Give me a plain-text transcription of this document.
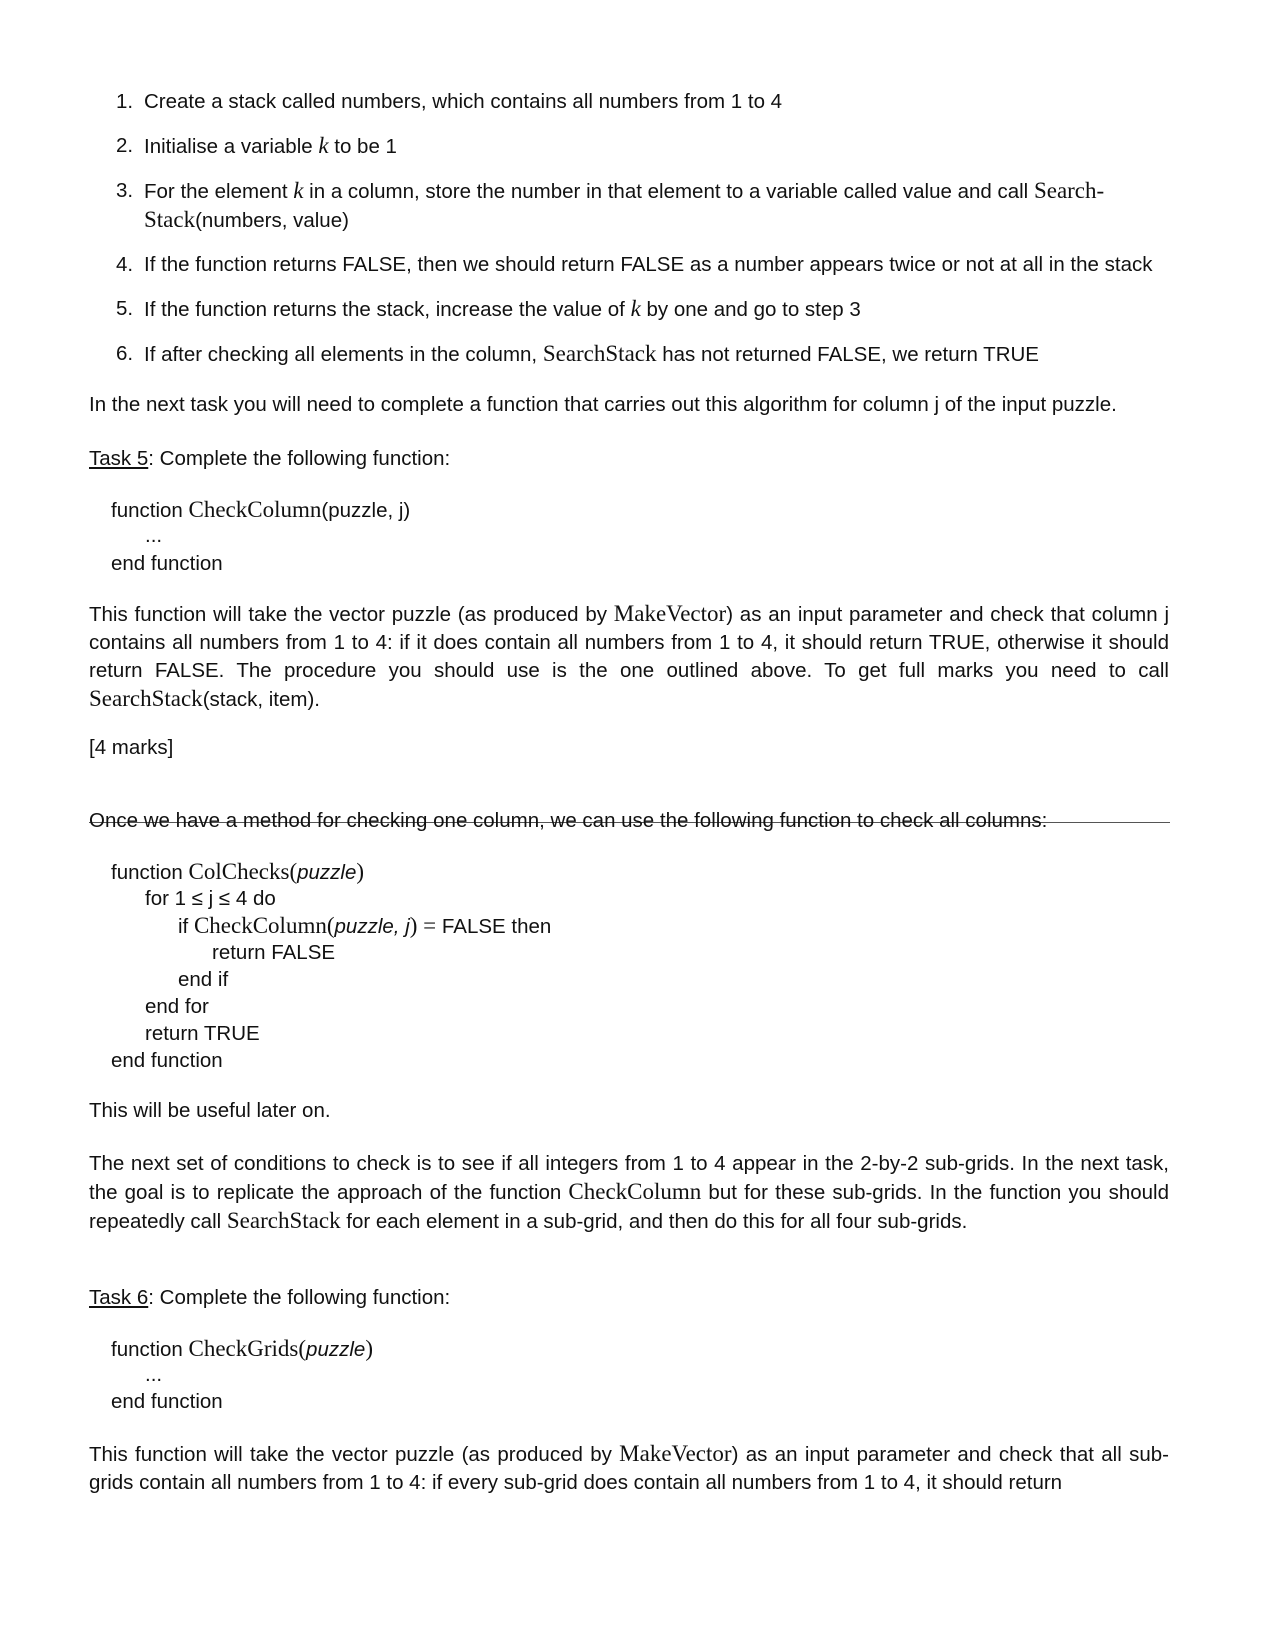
1. Create a stack called numbers, which contains all numbers from 1 to 4
2. Initialise a variable k to be 1
3. For the element k in a column, store the number in that element to a variable called value and call Search-
Stack(numbers, value)
4. If the function returns FALSE, then we should return FALSE as a number appears twice or not at all in the stack
5. If the function returns the stack, increase the value of k by one and go to step 3
6. If after checking all elements in the column, SearchStack has not returned FALSE, we return TRUE

In the next task you will need to complete a function that carries out this algorithm for column j of the input puzzle.

Task 5: Complete the following function:

function CheckColumn(puzzle, j)
...
end function

This function will take the vector puzzle (as produced by MakeVector) as an input parameter and check that column j contains all numbers from 1 to 4: if it does contain all numbers from 1 to 4, it should return TRUE, otherwise it should return FALSE. The procedure you should use is the one outlined above. To get full marks you need to call SearchStack(stack, item).

[4 marks]

Once we have a method for checking one column, we can use the following function to check all columns:

function ColChecks(puzzle)
for 1 ≤ j ≤ 4 do
if CheckColumn(puzzle, j) = FALSE then
return FALSE
end if
end for
return TRUE
end function

This will be useful later on.

The next set of conditions to check is to see if all integers from 1 to 4 appear in the 2-by-2 sub-grids. In the next task, the goal is to replicate the approach of the function CheckColumn but for these sub-grids. In the function you should repeatedly call SearchStack for each element in a sub-grid, and then do this for all four sub-grids.

Task 6: Complete the following function:

function CheckGrids(puzzle)
...
end function

This function will take the vector puzzle (as produced by MakeVector) as an input parameter and check that all sub-grids contain all numbers from 1 to 4: if every sub-grid does contain all numbers from 1 to 4, it should return
